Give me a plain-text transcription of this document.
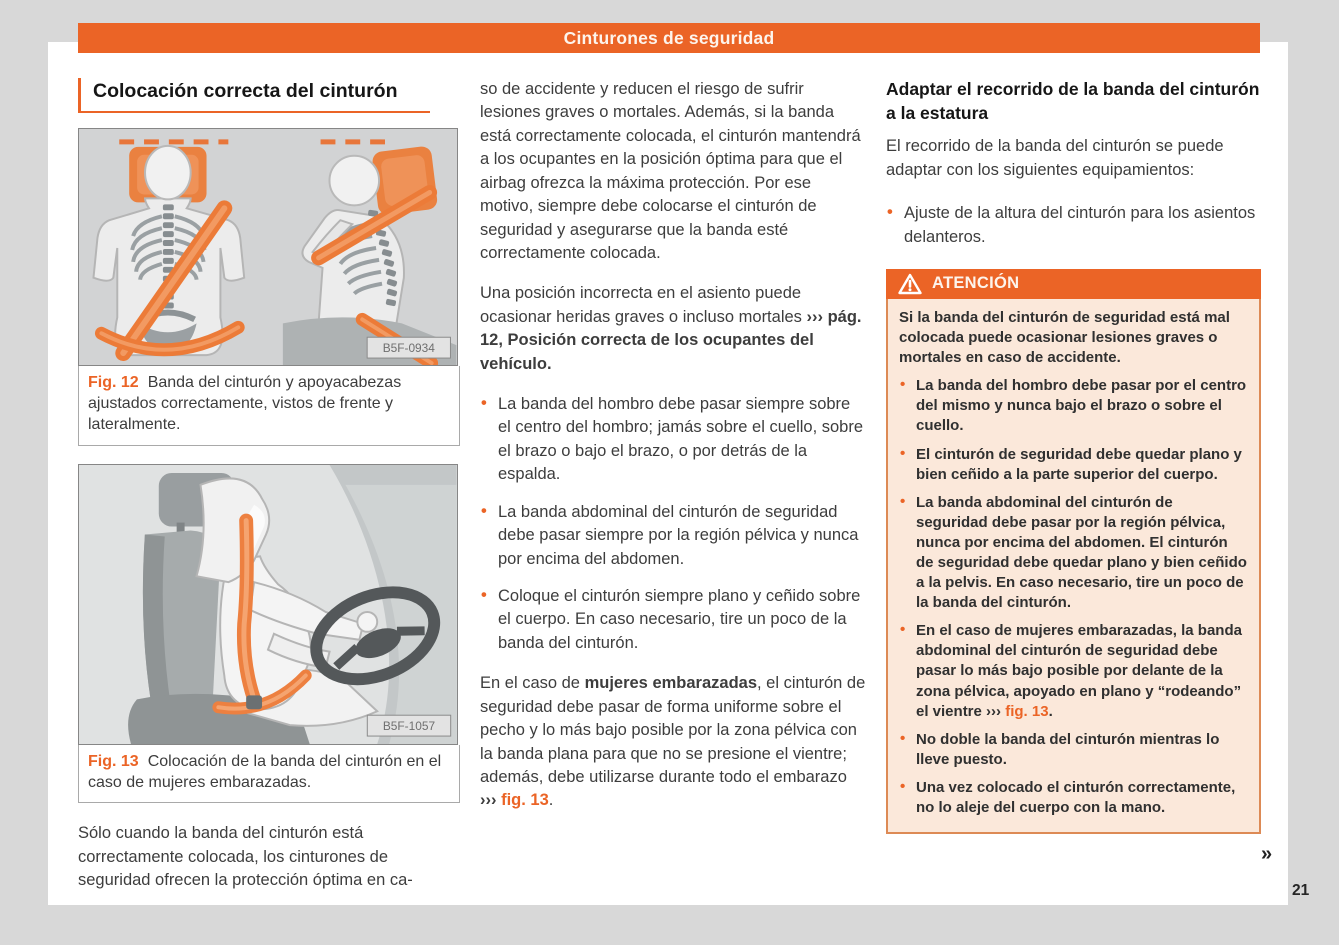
Cinturones de seguridad
Colocación correcta del cinturón
B5F-0934
Fig. 12 Banda del cinturón y apoyacabezas ajustados correctamente, vistos de frente y lateralmente.
B5F-1057
Fig. 13 Colocación de la banda del cinturón en el caso de mujeres embarazadas.

Sólo cuando la banda del cinturón está correctamente colocada, los cinturones de seguridad ofrecen la protección óptima en ca-

so de accidente y reducen el riesgo de sufrir lesiones graves o mortales. Además, si la banda está correctamente colocada, el cinturón mantendrá a los ocupantes en la posición óptima para que el airbag ofrezca la máxima protección. Por ese motivo, siempre debe colocarse el cinturón de seguridad y asegurarse que la banda esté correctamente colocada.

Una posición incorrecta en el asiento puede ocasionar heridas graves o incluso mortales ››› pág. 12, Posición correcta de los ocupantes del vehículo.

• La banda del hombro debe pasar siempre sobre el centro del hombro; jamás sobre el cuello, sobre el brazo o bajo el brazo, o por detrás de la espalda.
• La banda abdominal del cinturón de seguridad debe pasar siempre por la región pélvica y nunca por encima del abdomen.
• Coloque el cinturón siempre plano y ceñido sobre el cuerpo. En caso necesario, tire un poco de la banda del cinturón.

En el caso de mujeres embarazadas, el cinturón de seguridad debe pasar de forma uniforme sobre el pecho y lo más bajo posible por la zona pélvica con la banda plana para que no se presione el vientre; además, debe utilizarse durante todo el embarazo ››› fig. 13.

Adaptar el recorrido de la banda del cinturón a la estatura

El recorrido de la banda del cinturón se puede adaptar con los siguientes equipamientos:

• Ajuste de la altura del cinturón para los asientos delanteros.
ATENCIÓN

Si la banda del cinturón de seguridad está mal colocada puede ocasionar lesiones graves o mortales en caso de accidente.

• La banda del hombro debe pasar por el centro del mismo y nunca bajo el brazo o sobre el cuello.
• El cinturón de seguridad debe quedar plano y bien ceñido a la parte superior del cuerpo.
• La banda abdominal del cinturón de seguridad debe pasar por la región pélvica, nunca por encima del abdomen. El cinturón de seguridad debe quedar plano y bien ceñido a la pelvis. En caso necesario, tire un poco de la banda del cinturón.
• En el caso de mujeres embarazadas, la banda abdominal del cinturón de seguridad debe pasar lo más bajo posible por delante de la zona pélvica, apoyado en plano y “rodeando” el vientre ››› fig. 13.
• No doble la banda del cinturón mientras lo lleve puesto.
• Una vez colocado el cinturón correctamente, no lo aleje del cuerpo con la mano.
»
21
